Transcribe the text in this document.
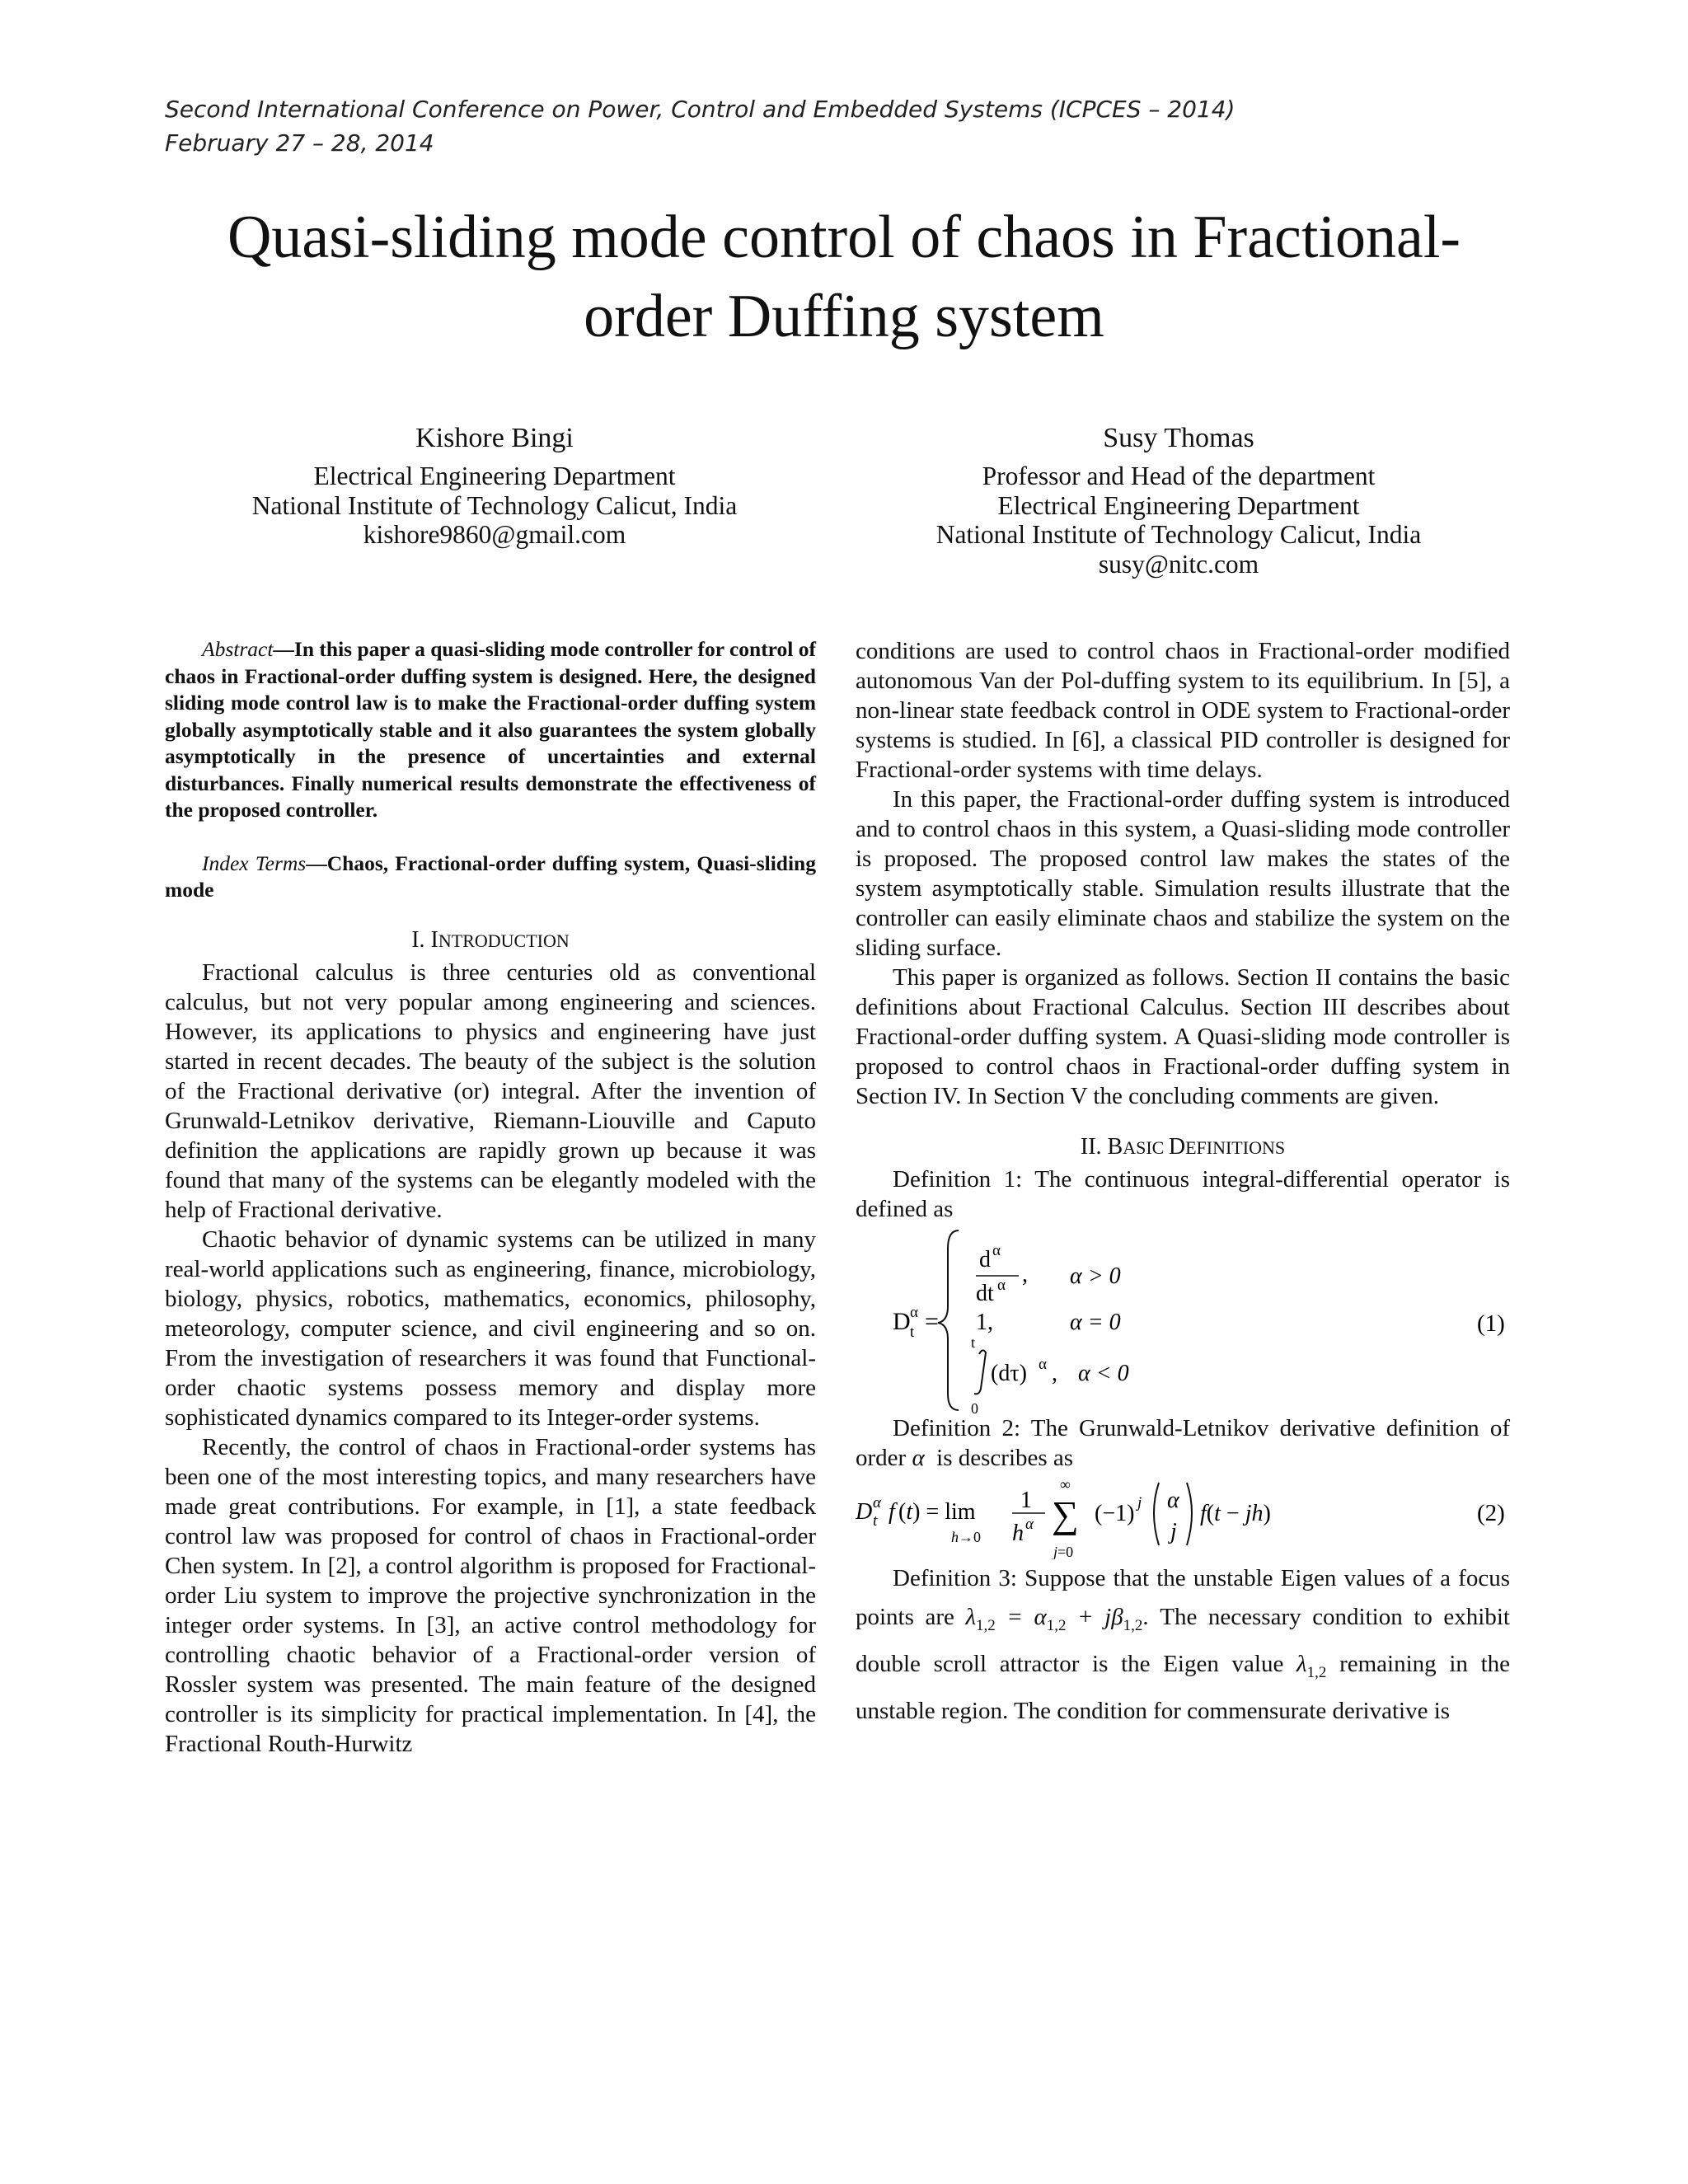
Second International Conference on Power, Control and Embedded Systems (ICPCES – 2014)
February 27 – 28, 2014
Quasi-sliding mode control of chaos in Fractional-
order Duffing system
Kishore Bingi
Electrical Engineering Department
National Institute of Technology Calicut, India
kishore9860@gmail.com
Susy Thomas
Professor and Head of the department
Electrical Engineering Department
National Institute of Technology Calicut, India
susy@nitc.com

Abstract—In this paper a quasi-sliding mode controller for control of chaos in Fractional-order duffing system is designed. Here, the designed sliding mode control law is to make the Fractional-order duffing system globally asymptotically stable and it also guarantees the system globally asymptotically in the presence of uncertainties and external disturbances. Finally numerical results demonstrate the effectiveness of the proposed controller.

Index Terms—Chaos, Fractional-order duffing system, Quasi-sliding mode

I. INTRODUCTION

Fractional calculus is three centuries old as conventional calculus, but not very popular among engineering and sciences. However, its applications to physics and engineering have just started in recent decades. The beauty of the subject is the solution of the Fractional derivative (or) integral. After the invention of Grunwald-Letnikov derivative, Riemann-Liouville and Caputo definition the applications are rapidly grown up because it was found that many of the systems can be elegantly modeled with the help of Fractional derivative.

Chaotic behavior of dynamic systems can be utilized in many real-world applications such as engineering, finance, microbiology, biology, physics, robotics, mathematics, economics, philosophy, meteorology, computer science, and civil engineering and so on. From the investigation of researchers it was found that Functional-order chaotic systems possess memory and display more sophisticated dynamics compared to its Integer-order systems.

Recently, the control of chaos in Fractional-order systems has been one of the most interesting topics, and many researchers have made great contributions. For example, in [1], a state feedback control law was proposed for control of chaos in Fractional-order Chen system. In [2], a control algorithm is proposed for Fractional-order Liu system to improve the projective synchronization in the integer order systems. In [3], an active control methodology for controlling chaotic behavior of a Fractional-order version of Rossler system was presented. The main feature of the designed controller is its simplicity for practical implementation. In [4], the Fractional Routh-Hurwitz

conditions are used to control chaos in Fractional-order modified autonomous Van der Pol-duffing system to its equilibrium. In [5], a non-linear state feedback control in ODE system to Fractional-order systems is studied. In [6], a classical PID controller is designed for Fractional-order systems with time delays.

In this paper, the Fractional-order duffing system is introduced and to control chaos in this system, a Quasi-sliding mode controller is proposed. The proposed control law makes the states of the system asymptotically stable. Simulation results illustrate that the controller can easily eliminate chaos and stabilize the system on the sliding surface.

This paper is organized as follows. Section II contains the basic definitions about Fractional Calculus. Section III describes about Fractional-order duffing system. A Quasi-sliding mode controller is proposed to control chaos in Fractional-order duffing system in Section IV. In Section V the concluding comments are given.

II. BASIC DEFINITIONS

Definition 1: The continuous integral-differential operator is defined as

D α
t =
d α
dt α , α > 0
1,	α = 0
t
0
(dτ) α , α < 0
(1)

Definition 2: The Grunwald-Letnikov derivative definition of order α is describes as

D α
t f (t) = lim
h→0
1
h α
∞
∑
j=0
(−1) j α
j
f(t − jh)	(2)

Definition 3: Suppose that the unstable Eigen values of a focus points are $\lambda_{1,2} = \alpha_{1,2} + j\beta_{1,2}$. The necessary condition to exhibit double scroll attractor is the Eigen value $\lambda_{1,2}$ remaining in the unstable region. The condition for commensurate derivative is
